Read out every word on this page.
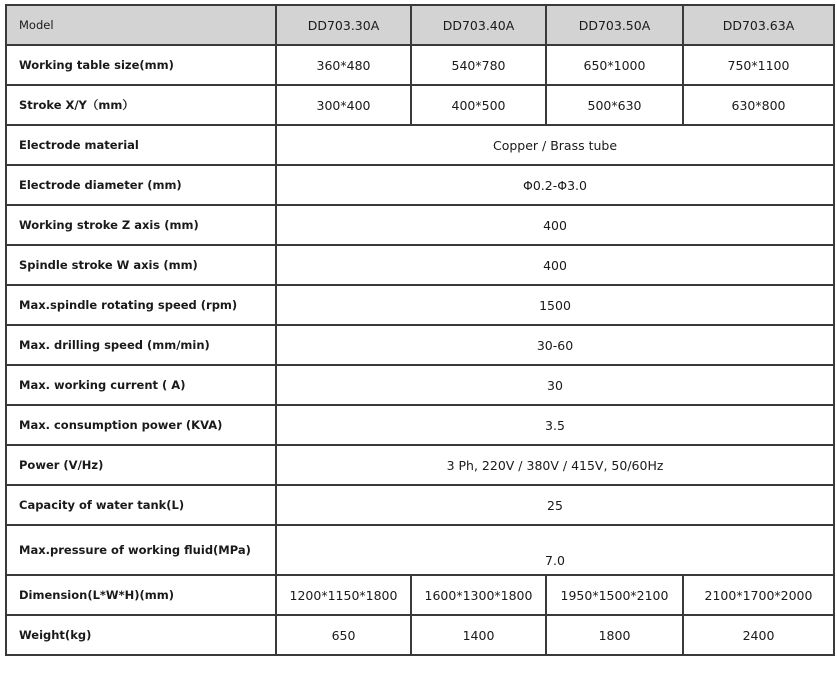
Model	DD703.30A	DD703.40A	DD703.50A	DD703.63A
Working table size(mm)	360*480	540*780	650*1000	750*1100
Stroke X/Y（mm）	300*400	400*500	500*630	630*800
Electrode material	Copper / Brass tube			
Electrode diameter (mm)	Φ0.2-Φ3.0			
Working stroke Z axis (mm)	400			
Spindle stroke W axis (mm)	400			
Max.spindle rotating speed (rpm)	1500			
Max. drilling speed (mm/min)	30-60			
Max. working current ( A)	30			
Max. consumption power (KVA)	3.5			
Power (V/Hz)	3 Ph, 220V / 380V / 415V, 50/60Hz			
Capacity of water tank(L)	25			
Max.pressure of working fluid(MPa)	7.0			
Dimension(L*W*H)(mm)	1200*1150*1800	1600*1300*1800	1950*1500*2100	2100*1700*2000
Weight(kg)	650	1400	1800	2400
